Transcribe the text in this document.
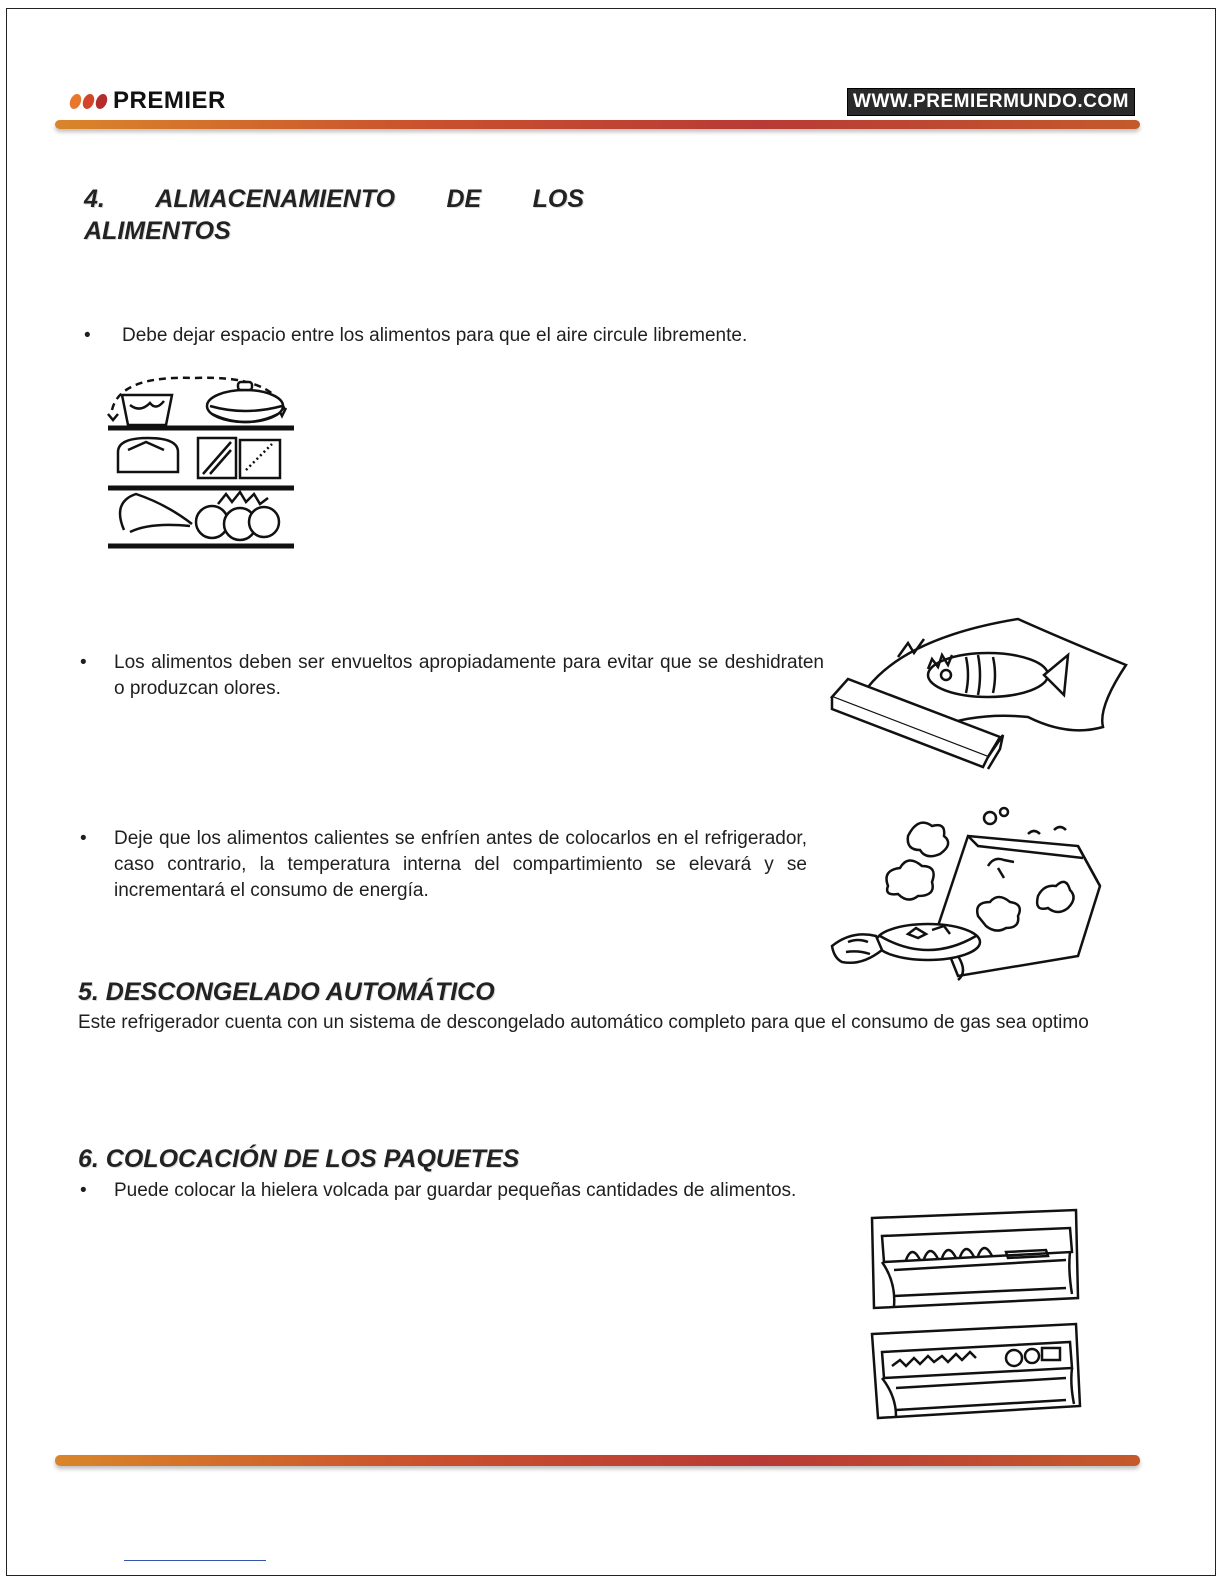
PREMIER	WWW.PREMIERMUNDO.COM
4. ALMACENAMIENTO DE LOS ALIMENTOS
• Debe dejar espacio entre los alimentos para que el aire circule libremente.
• Los alimentos deben ser envueltos apropiadamente para evitar que se deshidraten o produzcan olores.
• Deje que los alimentos calientes se enfríen antes de colocarlos en el refrigerador, caso contrario, la temperatura interna del compartimiento se elevará y se incrementará el consumo de energía.
5. DESCONGELADO AUTOMÁTICO
Este refrigerador cuenta con un sistema de descongelado automático completo para que el consumo de gas sea optimo
6. COLOCACIÓN DE LOS PAQUETES
• Puede colocar la hielera volcada par guardar pequeñas cantidades de alimentos.
